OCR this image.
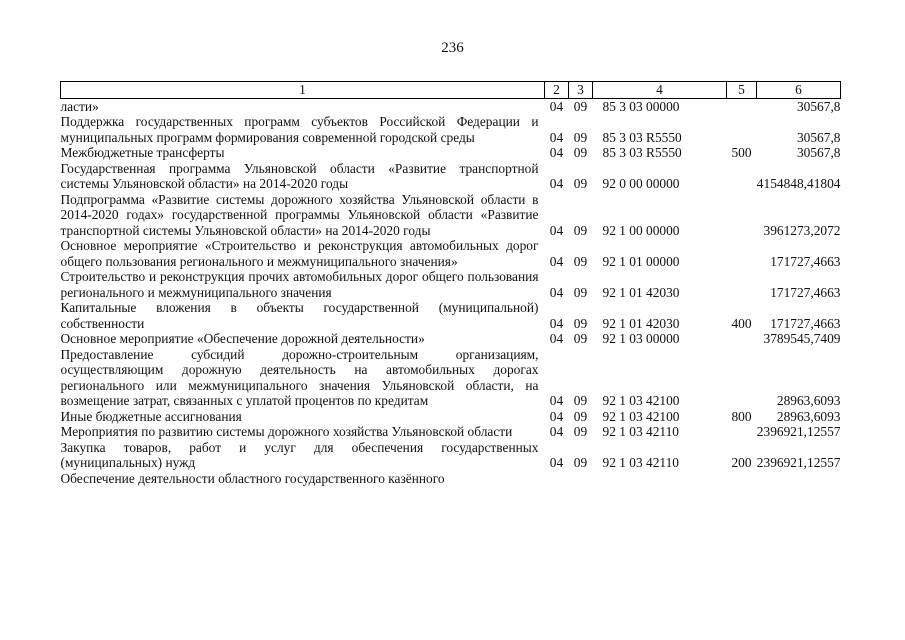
236
1	2	3	4	5	6
ласти»	04	09	85 3 03 00000		30567,8
Поддержка государственных программ субъектов Российской Федерации и муниципальных программ формирования современной городской среды	04	09	85 3 03 R5550		30567,8
Межбюджетные трансферты	04	09	85 3 03 R5550	500	30567,8
Государственная программа Ульяновской области «Развитие транспортной системы Ульяновской области» на 2014-2020 годы	04	09	92 0 00 00000		4154848,41804
Подпрограмма «Развитие системы дорожного хозяйства Ульяновской области в 2014-2020 годах» государственной программы Ульяновской области «Развитие транспортной системы Ульяновской области» на 2014-2020 годы	04	09	92 1 00 00000		3961273,2072
Основное мероприятие «Строительство и реконструкция автомобильных дорог общего пользования регионального и межмуниципального значения»	04	09	92 1 01 00000		171727,4663
Строительство и реконструкция прочих автомобильных дорог общего пользования регионального и межмуниципального значения	04	09	92 1 01 42030		171727,4663
Капитальные вложения в объекты государственной (муниципальной) собственности	04	09	92 1 01 42030	400	171727,4663
Основное мероприятие «Обеспечение дорожной деятельности»	04	09	92 1 03 00000		3789545,7409
Предоставление субсидий дорожно-строительным организациям, осуществляющим дорожную деятельность на автомобильных дорогах регионального или межмуниципального значения Ульяновской области, на возмещение затрат, связанных с уплатой процентов по кредитам	04	09	92 1 03 42100		28963,6093
Иные бюджетные ассигнования	04	09	92 1 03 42100	800	28963,6093
Мероприятия по развитию системы дорожного хозяйства Ульяновской области	04	09	92 1 03 42110		2396921,12557
Закупка товаров, работ и услуг для обеспечения государственных (муниципальных) нужд	04	09	92 1 03 42110	200	2396921,12557
Обеспечение деятельности областного государственного казённого					
